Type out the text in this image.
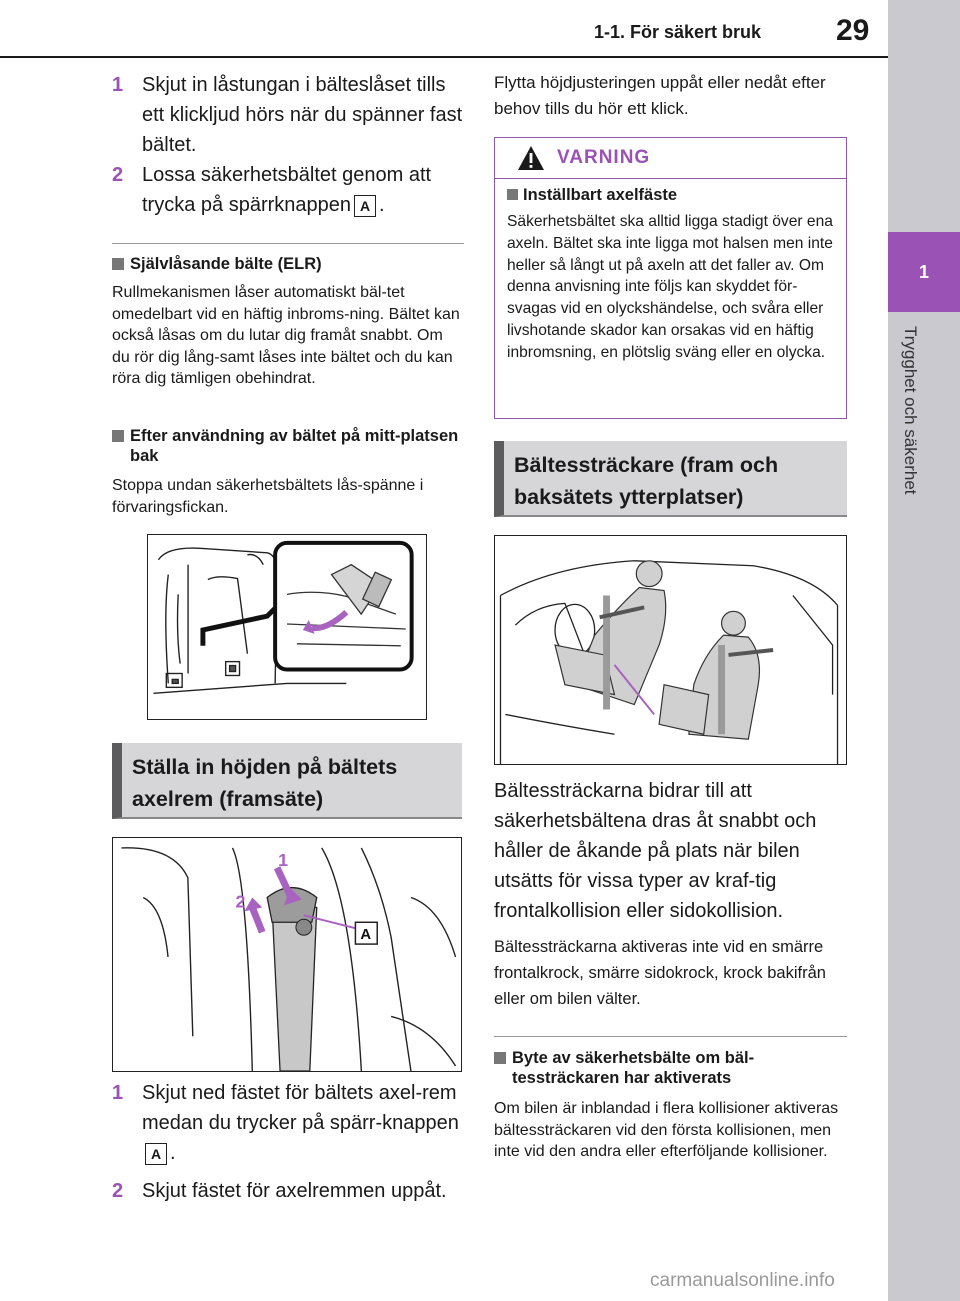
1-1. För säkert bruk 29
1
Trygghet och säkerhet
1 Skjut in låstungan i bälteslåset tills ett klickljud hörs när du spänner fast bältet.
2 Lossa säkerhetsbältet genom att trycka på spärrknappen A .
Självlåsande bälte (ELR)
Rullmekanismen låser automatiskt bäl-tet omedelbart vid en häftig inbroms-ning. Bältet kan också låsas om du lutar dig framåt snabbt. Om du rör dig lång-samt låses inte bältet och du kan röra dig tämligen obehindrat.
Efter användning av bältet på mitt-platsen bak
Stoppa undan säkerhetsbältets lås-spänne i förvaringsfickan.
Ställa in höjden på bältets axelrem (framsäte)
1
2
A
1 Skjut ned fästet för bältets axel-rem medan du trycker på spärr-knappenA .
2 Skjut fästet för axelremmen uppåt.
Flytta höjdjusteringen uppåt eller nedåt efter behov tills du hör ett klick.
VARNING
Inställbart axelfäste
Säkerhetsbältet ska alltid ligga stadigt över ena axeln. Bältet ska inte ligga mot halsen men inte heller så långt ut på axeln att det faller av. Om denna anvisning inte följs kan skyddet för-svagas vid en olyckshändelse, och svåra eller livshotande skador kan orsakas vid en häftig inbromsning, en plötslig sväng eller en olycka.
Bältessträckare (fram och baksätets ytterplatser)
Bältessträckarna bidrar till att säkerhetsbältena dras åt snabbt och håller de åkande på plats när bilen utsätts för vissa typer av kraf-tig frontalkollision eller sidokollision.
Bältessträckarna aktiveras inte vid en smärre frontalkrock, smärre sidokrock, krock bakifrån eller om bilen välter.
Byte av säkerhetsbälte om bäl-tessträckaren har aktiverats
Om bilen är inblandad i flera kollisioner aktiveras bältessträckaren vid den första kollisionen, men inte vid den andra eller efterföljande kollisioner.
carmanualsonline.info
